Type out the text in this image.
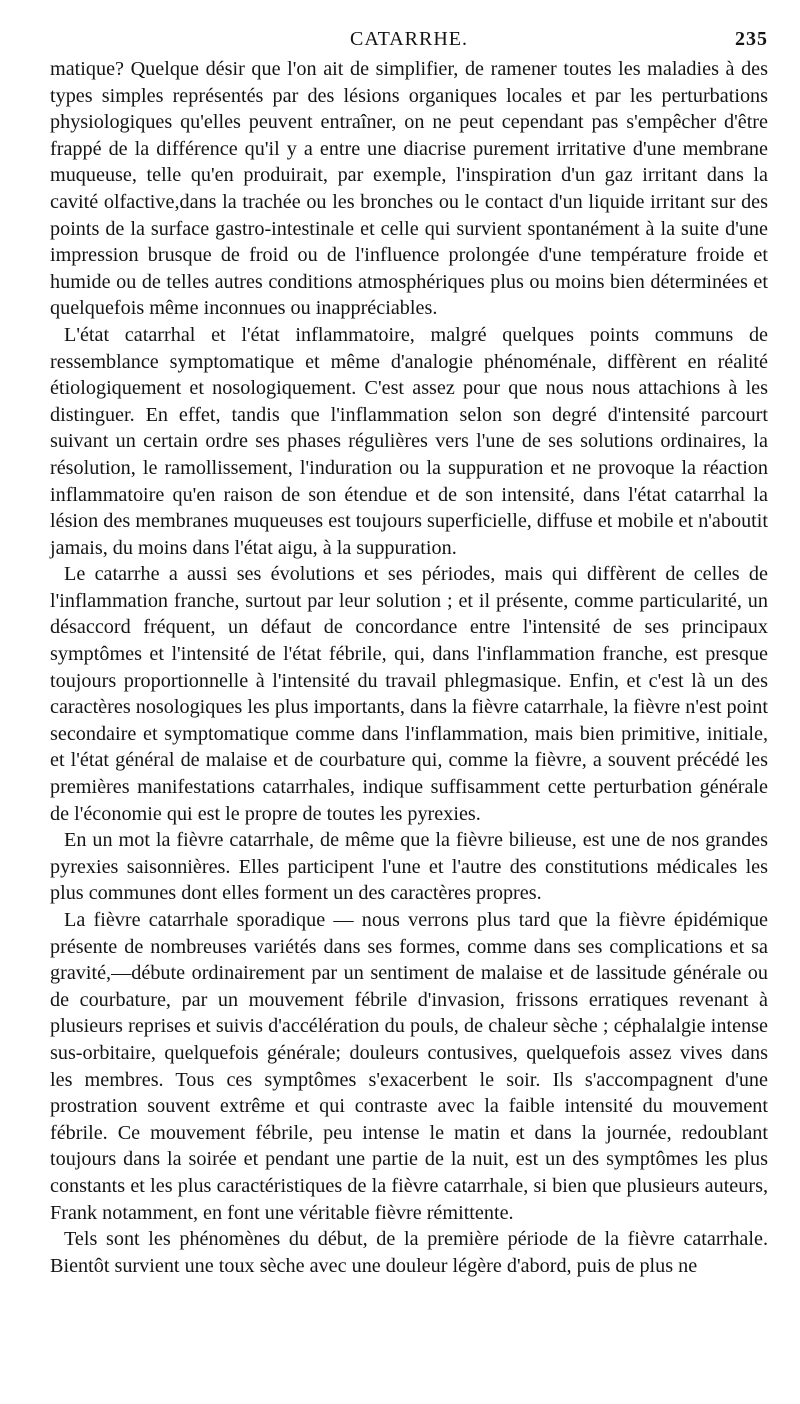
CATARRHE.	235

matique? Quelque désir que l'on ait de simplifier, de ramener toutes les maladies à des types simples représentés par des lésions organiques locales et par les perturbations physiologiques qu'elles peuvent entraîner, on ne peut cependant pas s'empêcher d'être frappé de la différence qu'il y a entre une diacrise purement irritative d'une membrane muqueuse, telle qu'en produirait, par exemple, l'inspiration d'un gaz irritant dans la cavité olfactive,dans la trachée ou les bronches ou le contact d'un liquide irritant sur des points de la surface gastro-intestinale et celle qui survient spontanément à la suite d'une impression brusque de froid ou de l'influence prolongée d'une température froide et humide ou de telles autres conditions atmosphériques plus ou moins bien déterminées et quelquefois même inconnues ou inappréciables.

L'état catarrhal et l'état inflammatoire, malgré quelques points communs de ressemblance symptomatique et même d'analogie phénoménale, diffèrent en réalité étiologiquement et nosologiquement. C'est assez pour que nous nous attachions à les distinguer. En effet, tandis que l'inflammation selon son degré d'intensité parcourt suivant un certain ordre ses phases régulières vers l'une de ses solutions ordinaires, la résolution, le ramollissement, l'induration ou la suppuration et ne provoque la réaction inflammatoire qu'en raison de son étendue et de son intensité, dans l'état catarrhal la lésion des membranes muqueuses est toujours superficielle, diffuse et mobile et n'aboutit jamais, du moins dans l'état aigu, à la suppuration.

Le catarrhe a aussi ses évolutions et ses périodes, mais qui diffèrent de celles de l'inflammation franche, surtout par leur solution ; et il présente, comme particularité, un désaccord fréquent, un défaut de concordance entre l'intensité de ses principaux symptômes et l'intensité de l'état fébrile, qui, dans l'inflammation franche, est presque toujours proportionnelle à l'intensité du travail phlegmasique. Enfin, et c'est là un des caractères nosologiques les plus importants, dans la fièvre catarrhale, la fièvre n'est point secondaire et symptomatique comme dans l'inflammation, mais bien primitive, initiale, et l'état général de malaise et de courbature qui, comme la fièvre, a souvent précédé les premières manifestations catarrhales, indique suffisamment cette perturbation générale de l'économie qui est le propre de toutes les pyrexies.

En un mot la fièvre catarrhale, de même que la fièvre bilieuse, est une de nos grandes pyrexies saisonnières. Elles participent l'une et l'autre des constitutions médicales les plus communes dont elles forment un des caractères propres.

La fièvre catarrhale sporadique — nous verrons plus tard que la fièvre épidémique présente de nombreuses variétés dans ses formes, comme dans ses complications et sa gravité,—débute ordinairement par un sentiment de malaise et de lassitude générale ou de courbature, par un mouvement fébrile d'invasion, frissons erratiques revenant à plusieurs reprises et suivis d'accélération du pouls, de chaleur sèche ; céphalalgie intense sus-orbitaire, quelquefois générale; douleurs contusives, quelquefois assez vives dans les membres. Tous ces symptômes s'exacerbent le soir. Ils s'accompagnent d'une prostration souvent extrême et qui contraste avec la faible intensité du mouvement fébrile. Ce mouvement fébrile, peu intense le matin et dans la journée, redoublant toujours dans la soirée et pendant une partie de la nuit, est un des symptômes les plus constants et les plus caractéristiques de la fièvre catarrhale, si bien que plusieurs auteurs, Frank notamment, en font une véritable fièvre rémittente.

Tels sont les phénomènes du début, de la première période de la fièvre catarrhale. Bientôt survient une toux sèche avec une douleur légère d'abord, puis de plus ne
